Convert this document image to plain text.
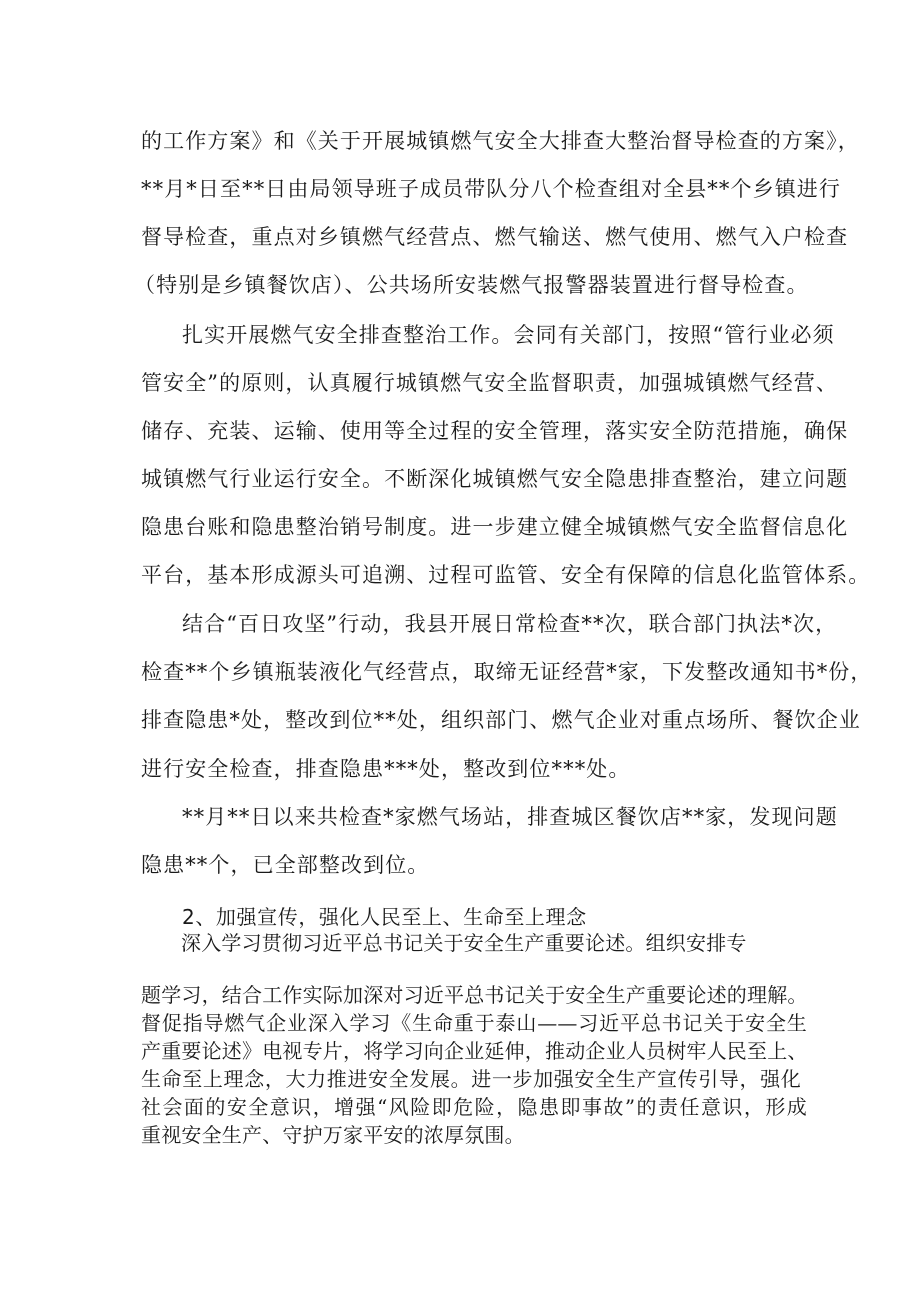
的工作方案》和《关于开展城镇燃气安全大排查大整治督导检查的方案》，
**月*日至**日由局领导班子成员带队分八个检查组对全县**个乡镇进行
督导检查，重点对乡镇燃气经营点、燃气输送、燃气使用、燃气入户检查
（特别是乡镇餐饮店）、公共场所安装燃气报警器装置进行督导检查。
扎实开展燃气安全排查整治工作。会同有关部门，按照“管行业必须
管安全”的原则，认真履行城镇燃气安全监督职责，加强城镇燃气经营、
储存、充装、运输、使用等全过程的安全管理，落实安全防范措施，确保
城镇燃气行业运行安全。不断深化城镇燃气安全隐患排查整治，建立问题
隐患台账和隐患整治销号制度。进一步建立健全城镇燃气安全监督信息化
平台，基本形成源头可追溯、过程可监管、安全有保障的信息化监管体系。
结合“百日攻坚”行动，我县开展日常检查**次，联合部门执法*次，
检查**个乡镇瓶装液化气经营点，取缔无证经营*家，下发整改通知书*份，
排查隐患*处，整改到位**处，组织部门、燃气企业对重点场所、餐饮企业
进行安全检查，排查隐患***处，整改到位***处。
**月**日以来共检查*家燃气场站，排查城区餐饮店**家，发现问题
隐患**个，已全部整改到位。
2、加强宣传，强化人民至上、生命至上理念
深入学习贯彻习近平总书记关于安全生产重要论述。组织安排专
题学习，结合工作实际加深对习近平总书记关于安全生产重要论述的理解。
督促指导燃气企业深入学习《生命重于泰山——习近平总书记关于安全生
产重要论述》电视专片，将学习向企业延伸，推动企业人员树牢人民至上、
生命至上理念，大力推进安全发展。进一步加强安全生产宣传引导，强化
社会面的安全意识，增强“风险即危险，隐患即事故”的责任意识，形成
重视安全生产、守护万家平安的浓厚氛围。
